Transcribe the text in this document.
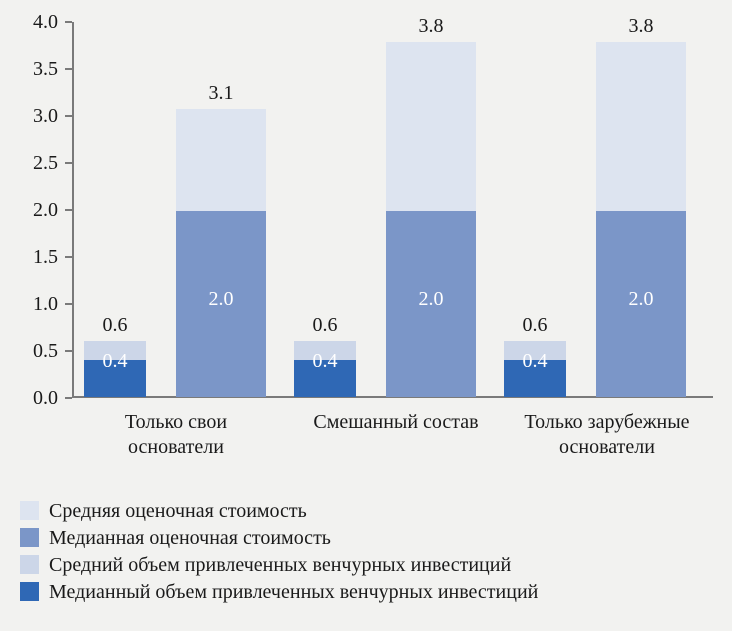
4.0
3.5
3.0
2.5
2.0
1.5
1.0
0.5
0.0
0.6
0.4
3.1
2.0
0.6
0.4
3.8
2.0
0.6
0.4
3.8
2.0
Только свои основатели
Смешанный состав	Только зарубежные основатели
Средняя оценочная стоимость
Медианная оценочная стоимость
Средний объем привлеченных венчурных инвестиций
Медианный объем привлеченных венчурных инвестиций
